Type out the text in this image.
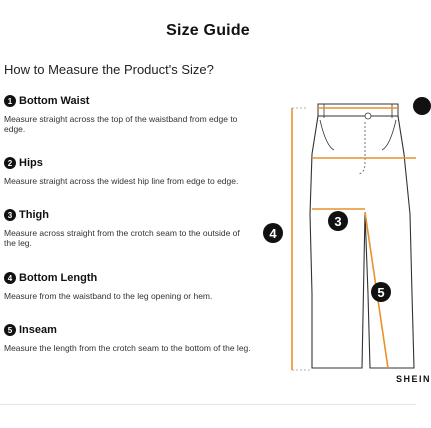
Size Guide
How to Measure the Product's Size?
1 Bottom Waist
Measure straight across the top of the waistband from edge to edge.
2 Hips
Measure straight across the widest hip line from edge to edge.
3 Thigh
Measure across straight from the crotch seam to the outside of the leg.
4 Bottom Length
Measure from the waistband to the leg opening or hem.
5 Inseam
Measure the length from the crotch seam to the bottom of the leg.
4
3
5
SHEIN
